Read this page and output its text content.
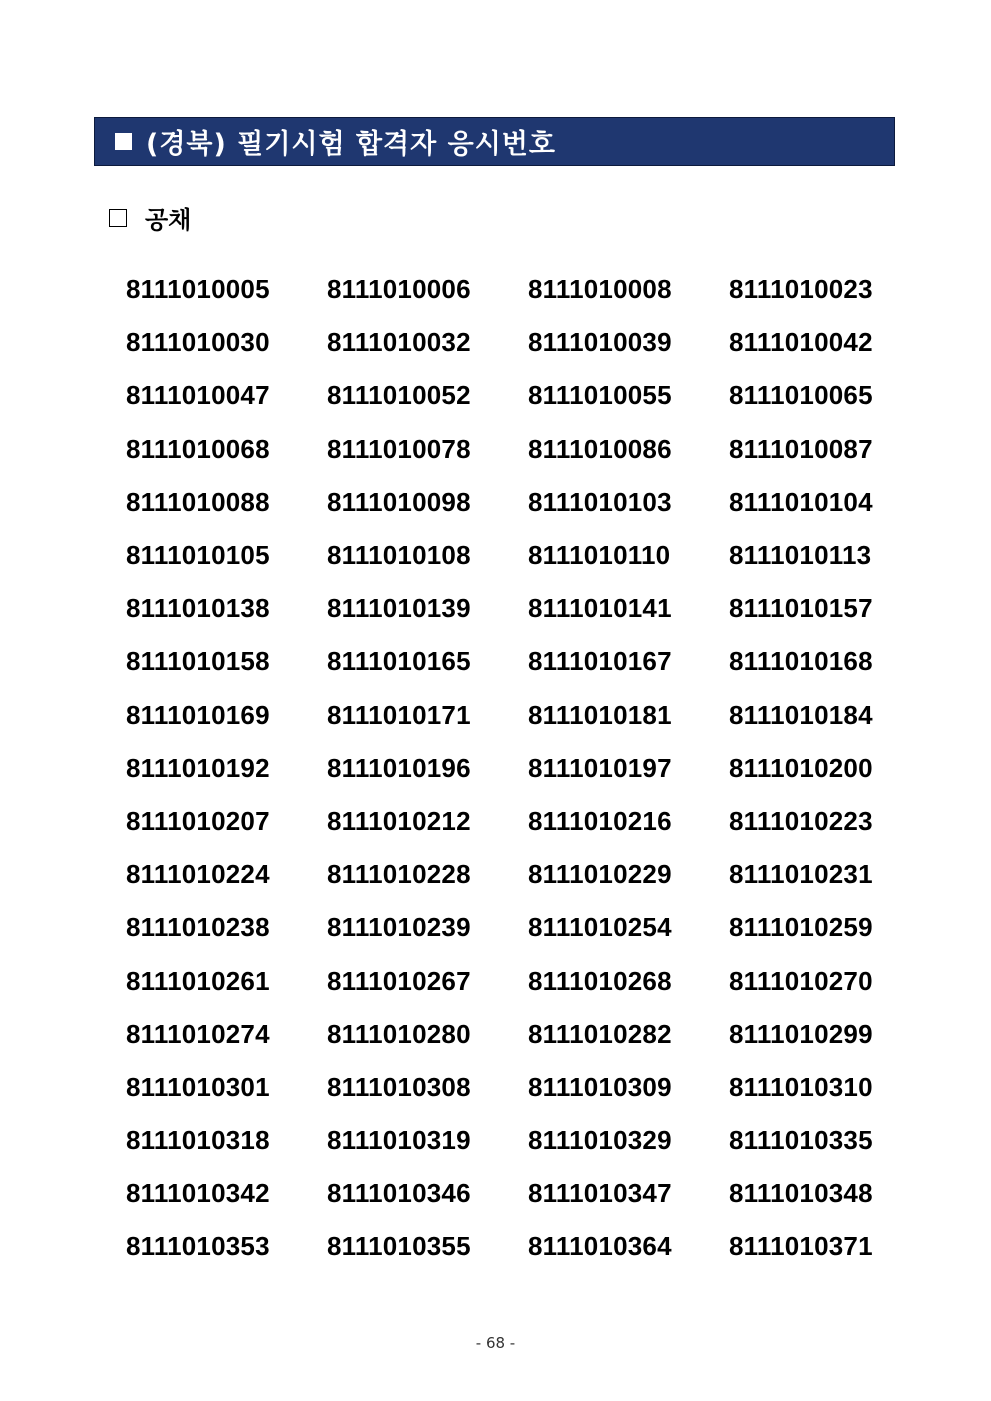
(경북) 필기시험 합격자 응시번호
공채
8111010005	8111010006	8111010008	8111010023
8111010030	8111010032	8111010039	8111010042
8111010047	8111010052	8111010055	8111010065
8111010068	8111010078	8111010086	8111010087
8111010088	8111010098	8111010103	8111010104
8111010105	8111010108	8111010110	8111010113
8111010138	8111010139	8111010141	8111010157
8111010158	8111010165	8111010167	8111010168
8111010169	8111010171	8111010181	8111010184
8111010192	8111010196	8111010197	8111010200
8111010207	8111010212	8111010216	8111010223
8111010224	8111010228	8111010229	8111010231
8111010238	8111010239	8111010254	8111010259
8111010261	8111010267	8111010268	8111010270
8111010274	8111010280	8111010282	8111010299
8111010301	8111010308	8111010309	8111010310
8111010318	8111010319	8111010329	8111010335
8111010342	8111010346	8111010347	8111010348
8111010353	8111010355	8111010364	8111010371
- 68 -
